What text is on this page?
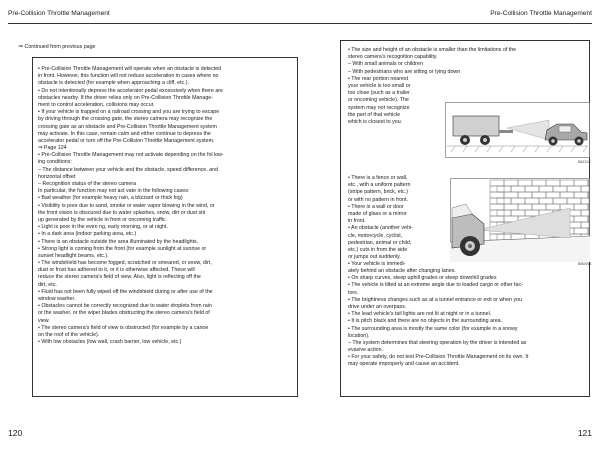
Pre-Collision Throttle Management
⇒ Continued from previous page
• Pre-Collision Throttle Management will operate when an obstacle is detected
in front. However, this function will not reduce acceleration in cases where no
obstacle is detected (for example when approaching a cliff, etc.).
• Do not intentionally depress the accelerator pedal excessively when there are
obstacles nearby. If the driver relies only on Pre-Collision Throttle Manage-
ment to control acceleration, collisions may occur.
• If your vehicle is trapped on a railroad crossing and you are trying to escape
by driving through the crossing gate, the stereo camera may recognize the
crossing gate as an obstacle and Pre-Collision Throttle Management system
may activate. In this case, remain calm and either continue to depress the
accelerator pedal or turn off the Pre-Collision Throttle Management system.
⇒ Page 124
• Pre-Collision Throttle Management may not activate depending on the fol low-
ing conditions:
– The distance between your vehicle and the obstacle, speed difference, and
horizontal offset
– Recognition status of the stereo camera
In particular, the function may not act vate in the following cases:
• Bad weather (for example heavy rain, a blizzard or thick fog)
• Visibility is poor due to sand, smoke or water vapor blowing in the wind, or
the front vision is obscured due to water splashes, snow, dirt or dust stir
up generated by the vehicle in front or oncoming traffic.
• Light is poor in the even ng, early morning, or at night.
• In a dark area (indoor parking area, etc.)
• There is an obstacle outside the area illuminated by the headlights.
• Strong light is coming from the front (for example sunlight at sunrise or
sunset headlight beams, etc.).
• The windshield has become fogged, scratched or smeared, or snow, dirt,
dust or frost has adhered to it, or it is otherwise affected. These will
reduce the stereo camera's field of view. Also, light is reflecting off the
dirt, etc.
• Fluid has not been fully wiped off the windshield during or after use of the
window washer.
• Obstacles cannot be correctly recognized due to water droplets from rain
or the washer, or the wiper blades obstructing the stereo camera's field of
view.
• The stereo camera's field of view is obstructed (for example by a canoe
on the roof of the vehicle).
• With low obstacles (low wall, crash barrier, low vehicle, etc.)
120
Pre-Collision Throttle Management
• The size and height of an obstacle is smaller than the limitations of the
stereo camera's recognition capability.
– With small animals or children
– With pedestrians who are sitting or lying down
• The rear portion nearest
your vehicle is too small or
too close (such as a trailer
or oncoming vehicle). The
system may not recognize
the part of that vehicle
which is closest to you.
B8Z104
• There is a fence or wall,
etc., with a uniform pattern
(stripe pattern, brick, etc.)
or with no pattern in front.
• There is a wall or door
made of glass or a mirror
in front.
• An obstacle (another vehi-
cle, motorcycle, cyclist,
pedestrian, animal or child,
etc.) cuts in from the side
or jumps out suddenly.
• Your vehicle is immedi-	B8W011
ately behind an obstacle after changing lanes.
• On sharp curves, steep uphill grades or steep downhill grades
• The vehicle is tilted at an extreme angle due to loaded cargo or other fac-
tors.
• The brightness changes such as at a tunnel entrance or exit or when you
drive under an overpass.
• The lead vehicle's tail lights are not lit at night or in a tunnel.
• It is pitch black and there are no objects in the surrounding area.
• The surrounding area is mostly the same color (for example in a snowy
location).
– The system determines that steering operation by the driver is intended as
evasive action.
• For your safety, do not test Pre-Collision Throttle Management on its own. It
may operate improperly and cause an accident.
121
